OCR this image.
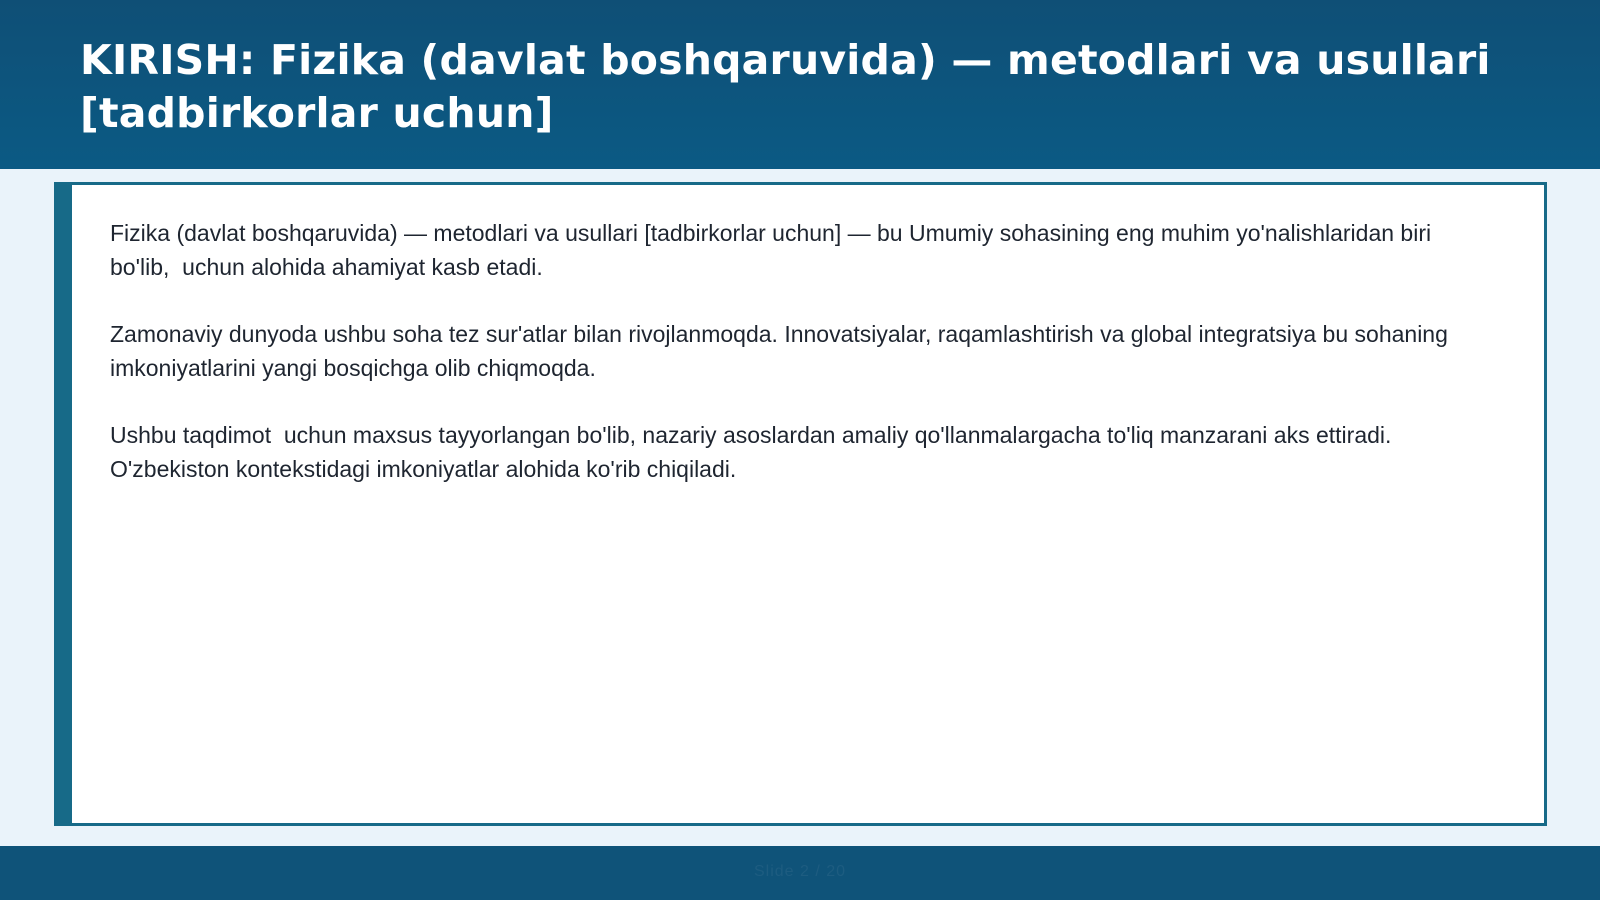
KIRISH: Fizika (davlat boshqaruvida) — metodlari va usullari [tadbirkorlar uchun]

Fizika (davlat boshqaruvida) — metodlari va usullari [tadbirkorlar uchun] — bu Umumiy sohasining eng muhim yo'nalishlaridan biri bo'lib,  uchun alohida ahamiyat kasb etadi.

Zamonaviy dunyoda ushbu soha tez sur'atlar bilan rivojlanmoqda. Innovatsiyalar, raqamlashtirish va global integratsiya bu sohaning imkoniyatlarini yangi bosqichga olib chiqmoqda.

Ushbu taqdimot  uchun maxsus tayyorlangan bo'lib, nazariy asoslardan amaliy qo'llanmalargacha to'liq manzarani aks ettiradi. O'zbekiston kontekstidagi imkoniyatlar alohida ko'rib chiqiladi.

Slide 2 / 20
